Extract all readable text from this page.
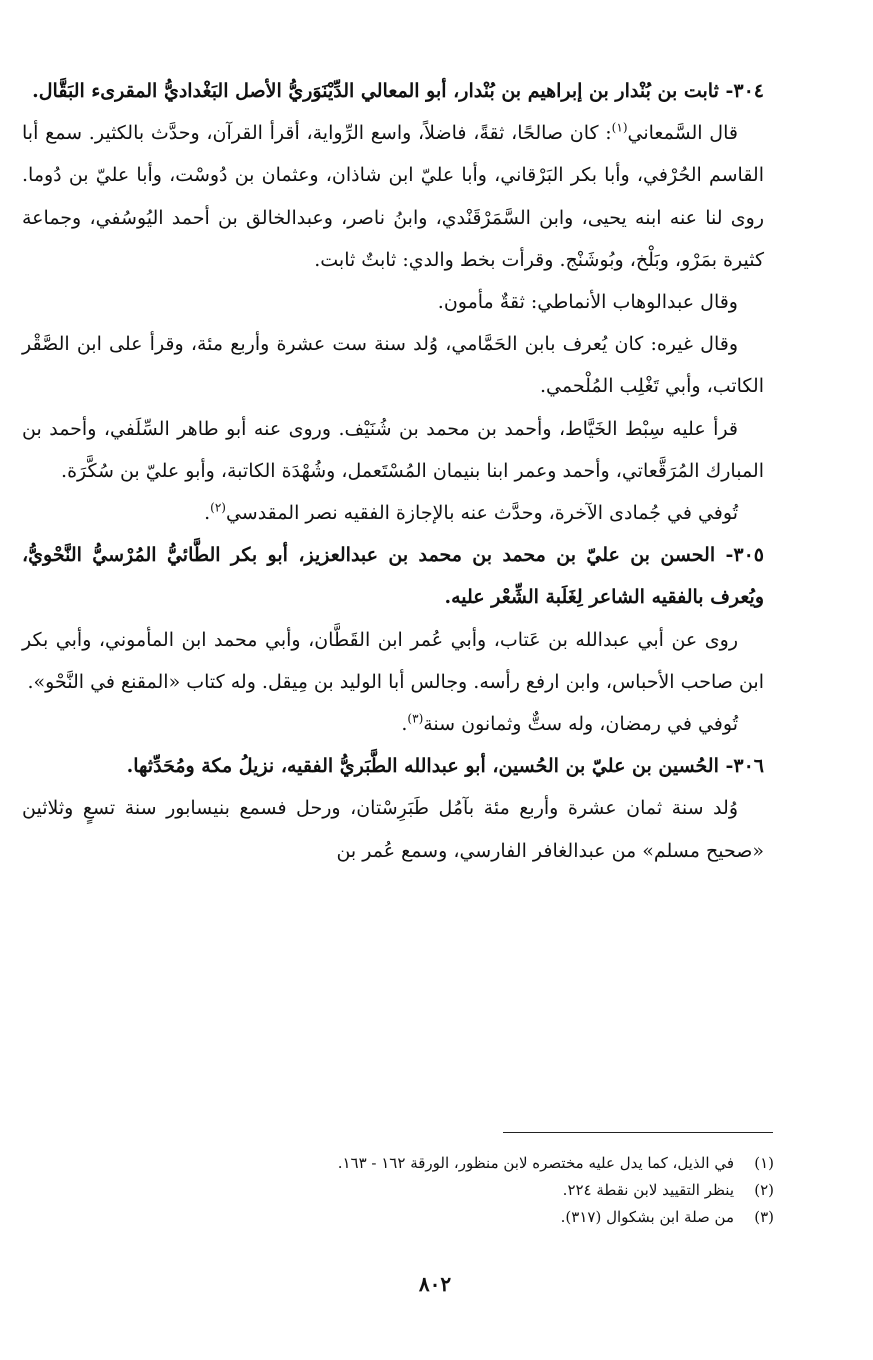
٣٠٤- ثابت بن بُنْدار بن إبراهيم بن بُنْدار، أبو المعالي الدِّيْنَوَريُّ الأصل البَغْداديُّ المقرىء البَقَّال.

قال السَّمعاني$^{(١)}$: كان صالحًا، ثقةً، فاضلاً، واسع الرِّواية، أقرأ القرآن، وحدَّث بالكثير. سمع أبا القاسم الحُرْفي، وأبا بكر البَرْقاني، وأبا عليّ ابن شاذان، وعثمان بن دُوسْت، وأبا عليّ بن دُوما. روى لنا عنه ابنه يحيى، وابن السَّمَرْقَنْدي، وابنُ ناصر، وعبدالخالق بن أحمد اليُوسُفي، وجماعة كثيرة بمَرْو، وبَلْخ، وبُوشَنْج. وقرأت بخط والدي: ثابتٌ ثابت.

وقال عبدالوهاب الأنماطي: ثقةٌ مأمون.

وقال غيره: كان يُعرف بابن الحَمَّامي، وُلد سنة ست عشرة وأربع مئة، وقرأ على ابن الصَّقْر الكاتب، وأبي تَغْلِب المُلْحمي.

قرأ عليه سِبْط الخَيَّاط، وأحمد بن محمد بن شُنَيْف. وروى عنه أبو طاهر السِّلَفي، وأحمد بن المبارك المُرَقَّعاتي، وأحمد وعمر ابنا بنيمان المُسْتَعمل، وشُهْدَة الكاتبة، وأبو عليّ بن سُكَّرَة.

تُوفي في جُمادى الآخرة، وحدَّث عنه بالإجازة الفقيه نصر المقدسي$^{(٢)}$.

٣٠٥- الحسن بن عليّ بن محمد بن محمد بن عبدالعزيز، أبو بكر الطَّائيُّ المُرْسيُّ النَّحْويُّ، ويُعرف بالفقيه الشاعر لِغَلَبة الشِّعْر عليه.

روى عن أبي عبدالله بن عَتاب، وأبي عُمر ابن القَطَّان، وأبي محمد ابن المأموني، وأبي بكر ابن صاحب الأحباس، وابن ارفع رأسه. وجالس أبا الوليد بن مِيقل. وله كتاب «المقنع في النَّحْو».

تُوفي في رمضان، وله ستٌّ وثمانون سنة$^{(٣)}$.

٣٠٦- الحُسين بن عليّ بن الحُسين، أبو عبدالله الطَّبَريُّ الفقيه، نزيلُ مكة ومُحَدِّثها.

وُلد سنة ثمان عشرة وأربع مئة بآمُل طَبَرِسْتان، ورحل فسمع بنيسابور سنة تسعٍ وثلاثين «صحيح مسلم» من عبدالغافر الفارسي، وسمع عُمر بن

(١)
في الذيل، كما يدل عليه مختصره لابن منظور، الورقة ١٦٢ - ١٦٣.
(٢)
ينظر التقييد لابن نقطة ٢٢٤.
(٣)
من صلة ابن بشكوال (٣١٧).
٨٠٢
